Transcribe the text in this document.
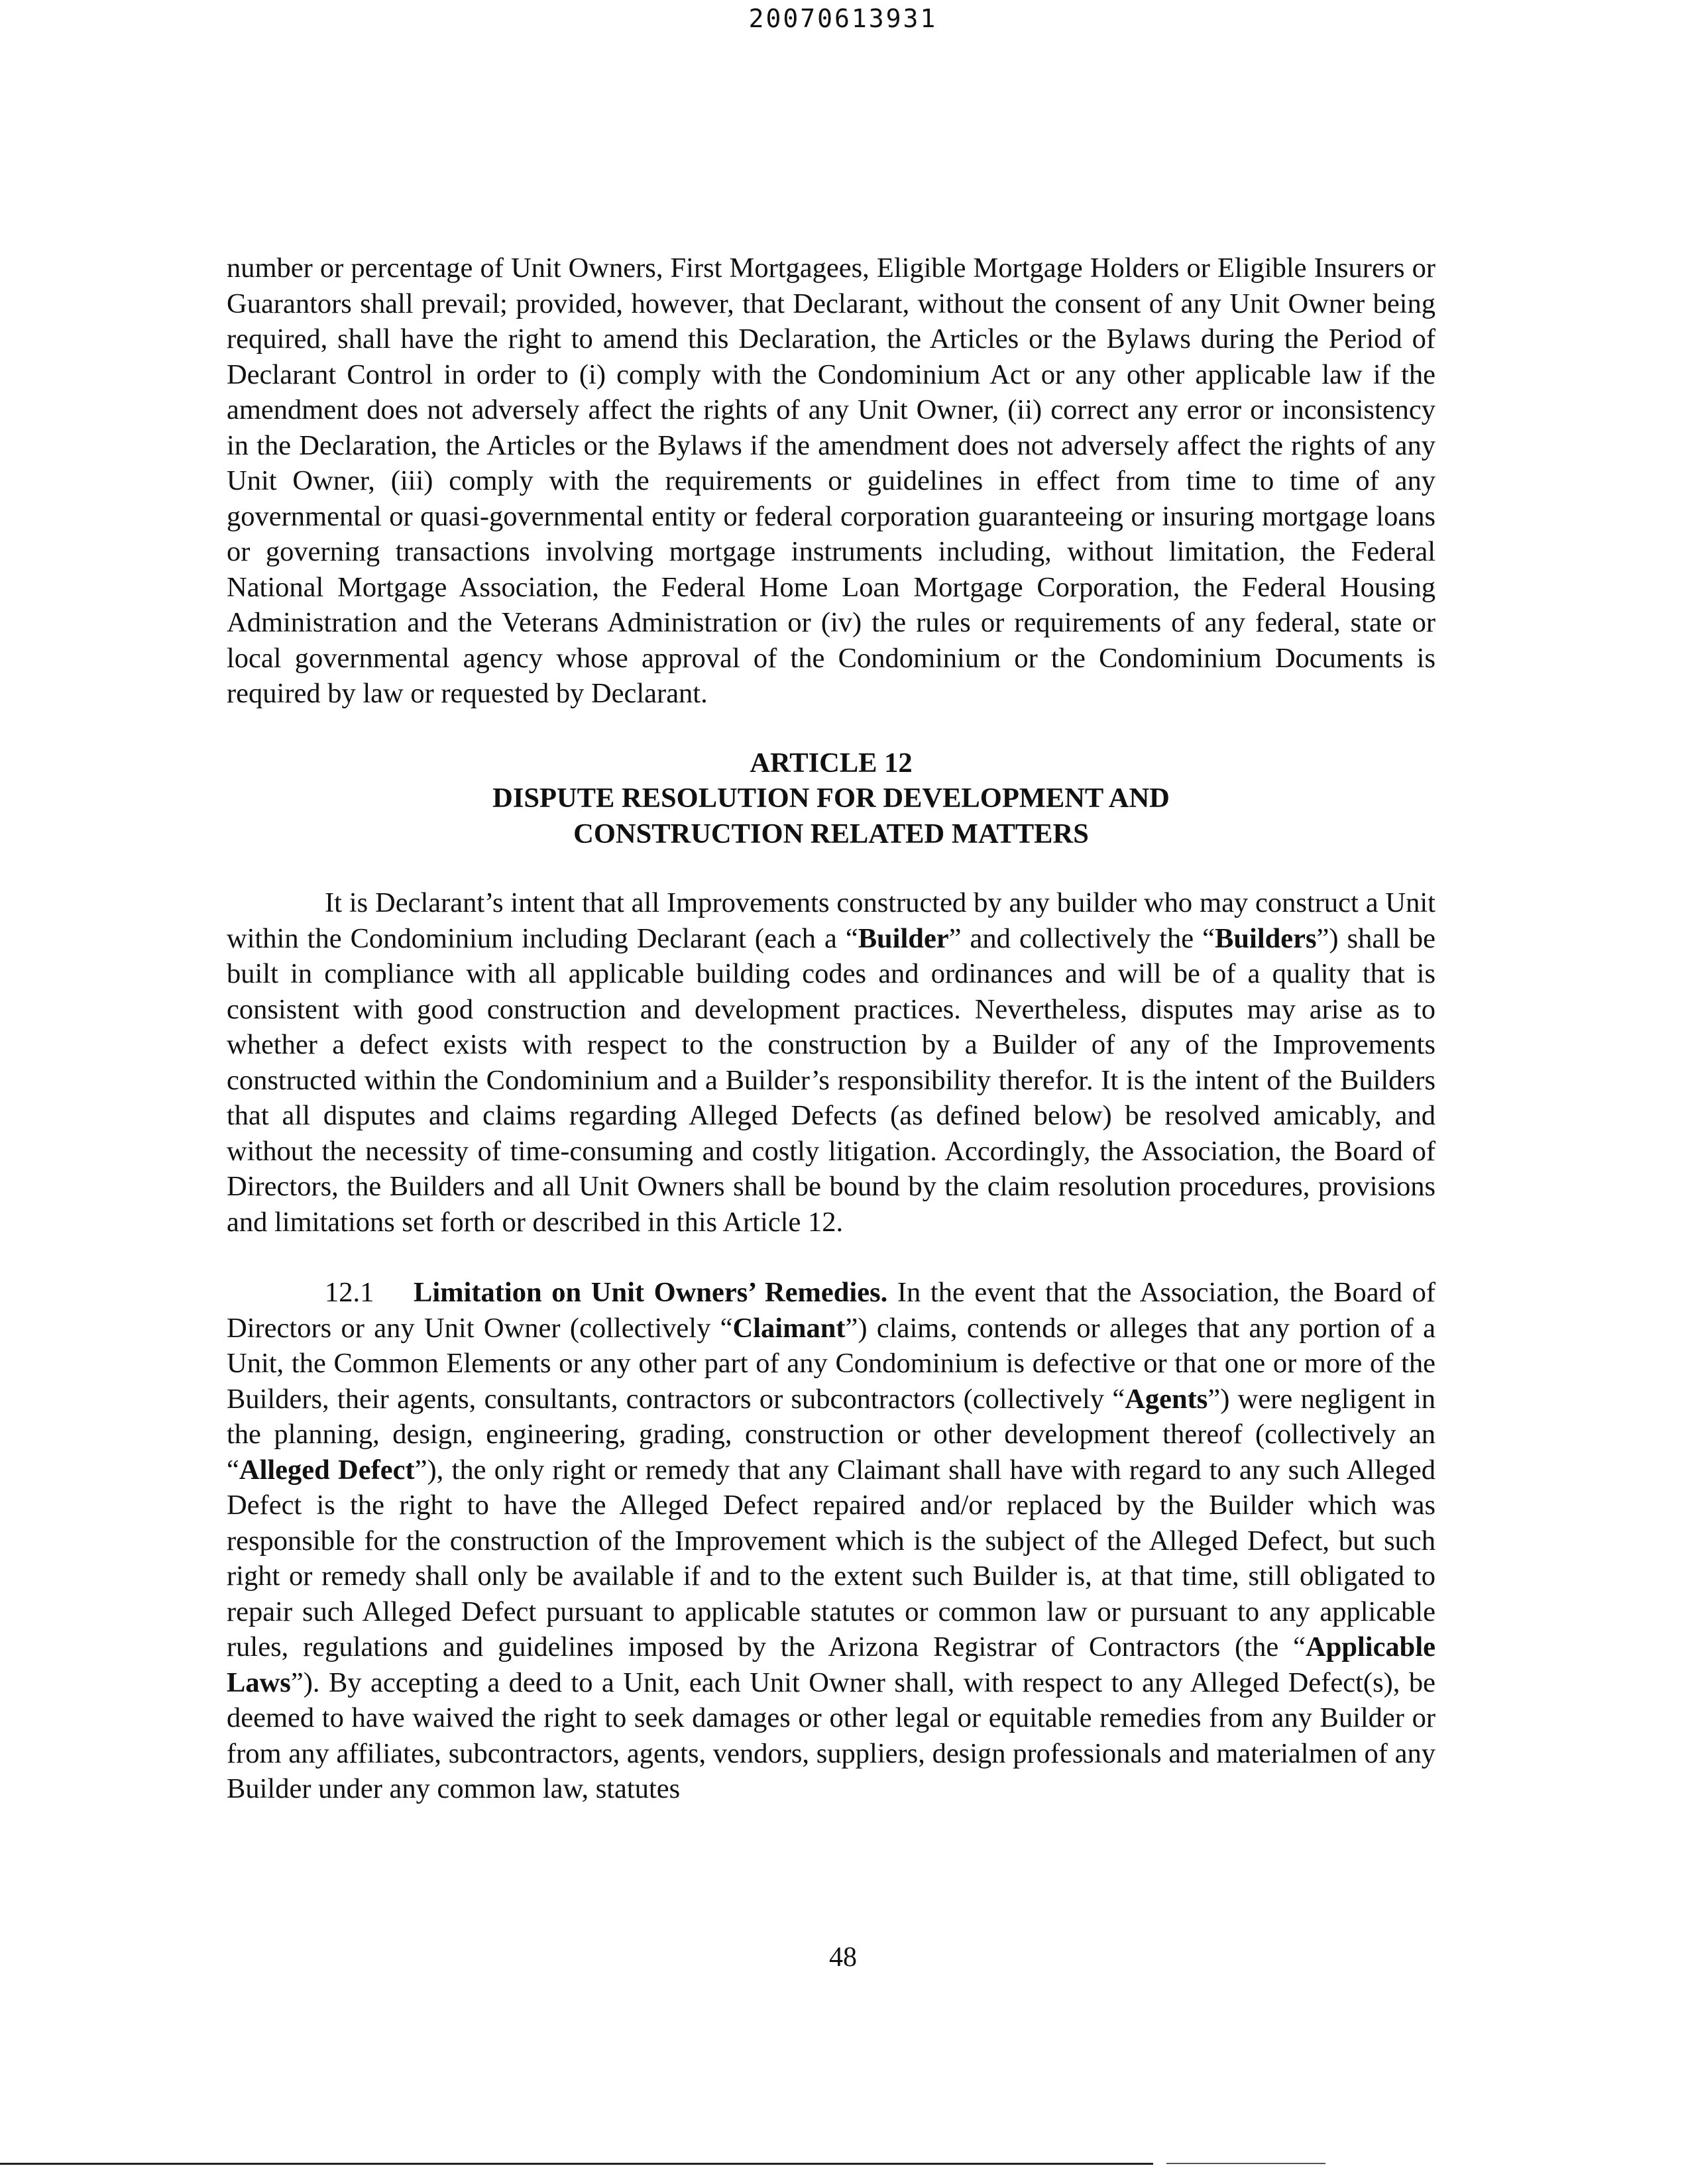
20070613931

number or percentage of Unit Owners, First Mortgagees, Eligible Mortgage Holders or Eligible Insurers or Guarantors shall prevail; provided, however, that Declarant, without the consent of any Unit Owner being required, shall have the right to amend this Declaration, the Articles or the Bylaws during the Period of Declarant Control in order to (i) comply with the Condominium Act or any other applicable law if the amendment does not adversely affect the rights of any Unit Owner, (ii) correct any error or inconsistency in the Declaration, the Articles or the Bylaws if the amendment does not adversely affect the rights of any Unit Owner, (iii) comply with the requirements or guidelines in effect from time to time of any governmental or quasi-governmental entity or federal corporation guaranteeing or insuring mortgage loans or governing transactions involving mortgage instruments including, without limitation, the Federal National Mortgage Association, the Federal Home Loan Mortgage Corporation, the Federal Housing Administration and the Veterans Administration or (iv) the rules or requirements of any federal, state or local governmental agency whose approval of the Condominium or the Condominium Documents is required by law or requested by Declarant.

ARTICLE 12
DISPUTE RESOLUTION FOR DEVELOPMENT AND
CONSTRUCTION RELATED MATTERS

It is Declarant’s intent that all Improvements constructed by any builder who may construct a Unit within the Condominium including Declarant (each a “Builder” and collectively the “Builders”) shall be built in compliance with all applicable building codes and ordinances and will be of a quality that is consistent with good construction and development practices. Nevertheless, disputes may arise as to whether a defect exists with respect to the construction by a Builder of any of the Improvements constructed within the Condominium and a Builder’s responsibility therefor. It is the intent of the Builders that all disputes and claims regarding Alleged Defects (as defined below) be resolved amicably, and without the necessity of time-consuming and costly litigation. Accordingly, the Association, the Board of Directors, the Builders and all Unit Owners shall be bound by the claim resolution procedures, provisions and limitations set forth or described in this Article 12.

12.1 Limitation on Unit Owners’ Remedies. In the event that the Association, the Board of Directors or any Unit Owner (collectively “Claimant”) claims, contends or alleges that any portion of a Unit, the Common Elements or any other part of any Condominium is defective or that one or more of the Builders, their agents, consultants, contractors or subcontractors (collectively “Agents”) were negligent in the planning, design, engineering, grading, construction or other development thereof (collectively an “Alleged Defect”), the only right or remedy that any Claimant shall have with regard to any such Alleged Defect is the right to have the Alleged Defect repaired and/or replaced by the Builder which was responsible for the construction of the Improvement which is the subject of the Alleged Defect, but such right or remedy shall only be available if and to the extent such Builder is, at that time, still obligated to repair such Alleged Defect pursuant to applicable statutes or common law or pursuant to any applicable rules, regulations and guidelines imposed by the Arizona Registrar of Contractors (the “Applicable Laws”). By accepting a deed to a Unit, each Unit Owner shall, with respect to any Alleged Defect(s), be deemed to have waived the right to seek damages or other legal or equitable remedies from any Builder or from any affiliates, subcontractors, agents, vendors, suppliers, design professionals and materialmen of any Builder under any common law, statutes

48
